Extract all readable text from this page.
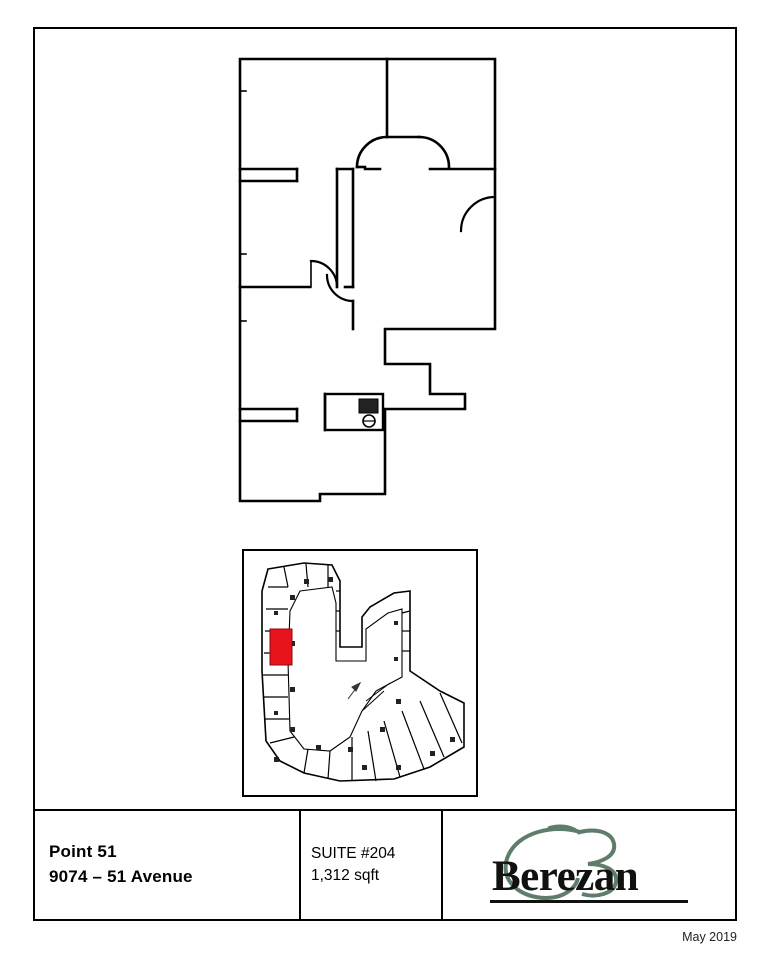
Point 51
9074 – 51 Avenue
SUITE #204
1,312 sqft	Berezan
May 2019
